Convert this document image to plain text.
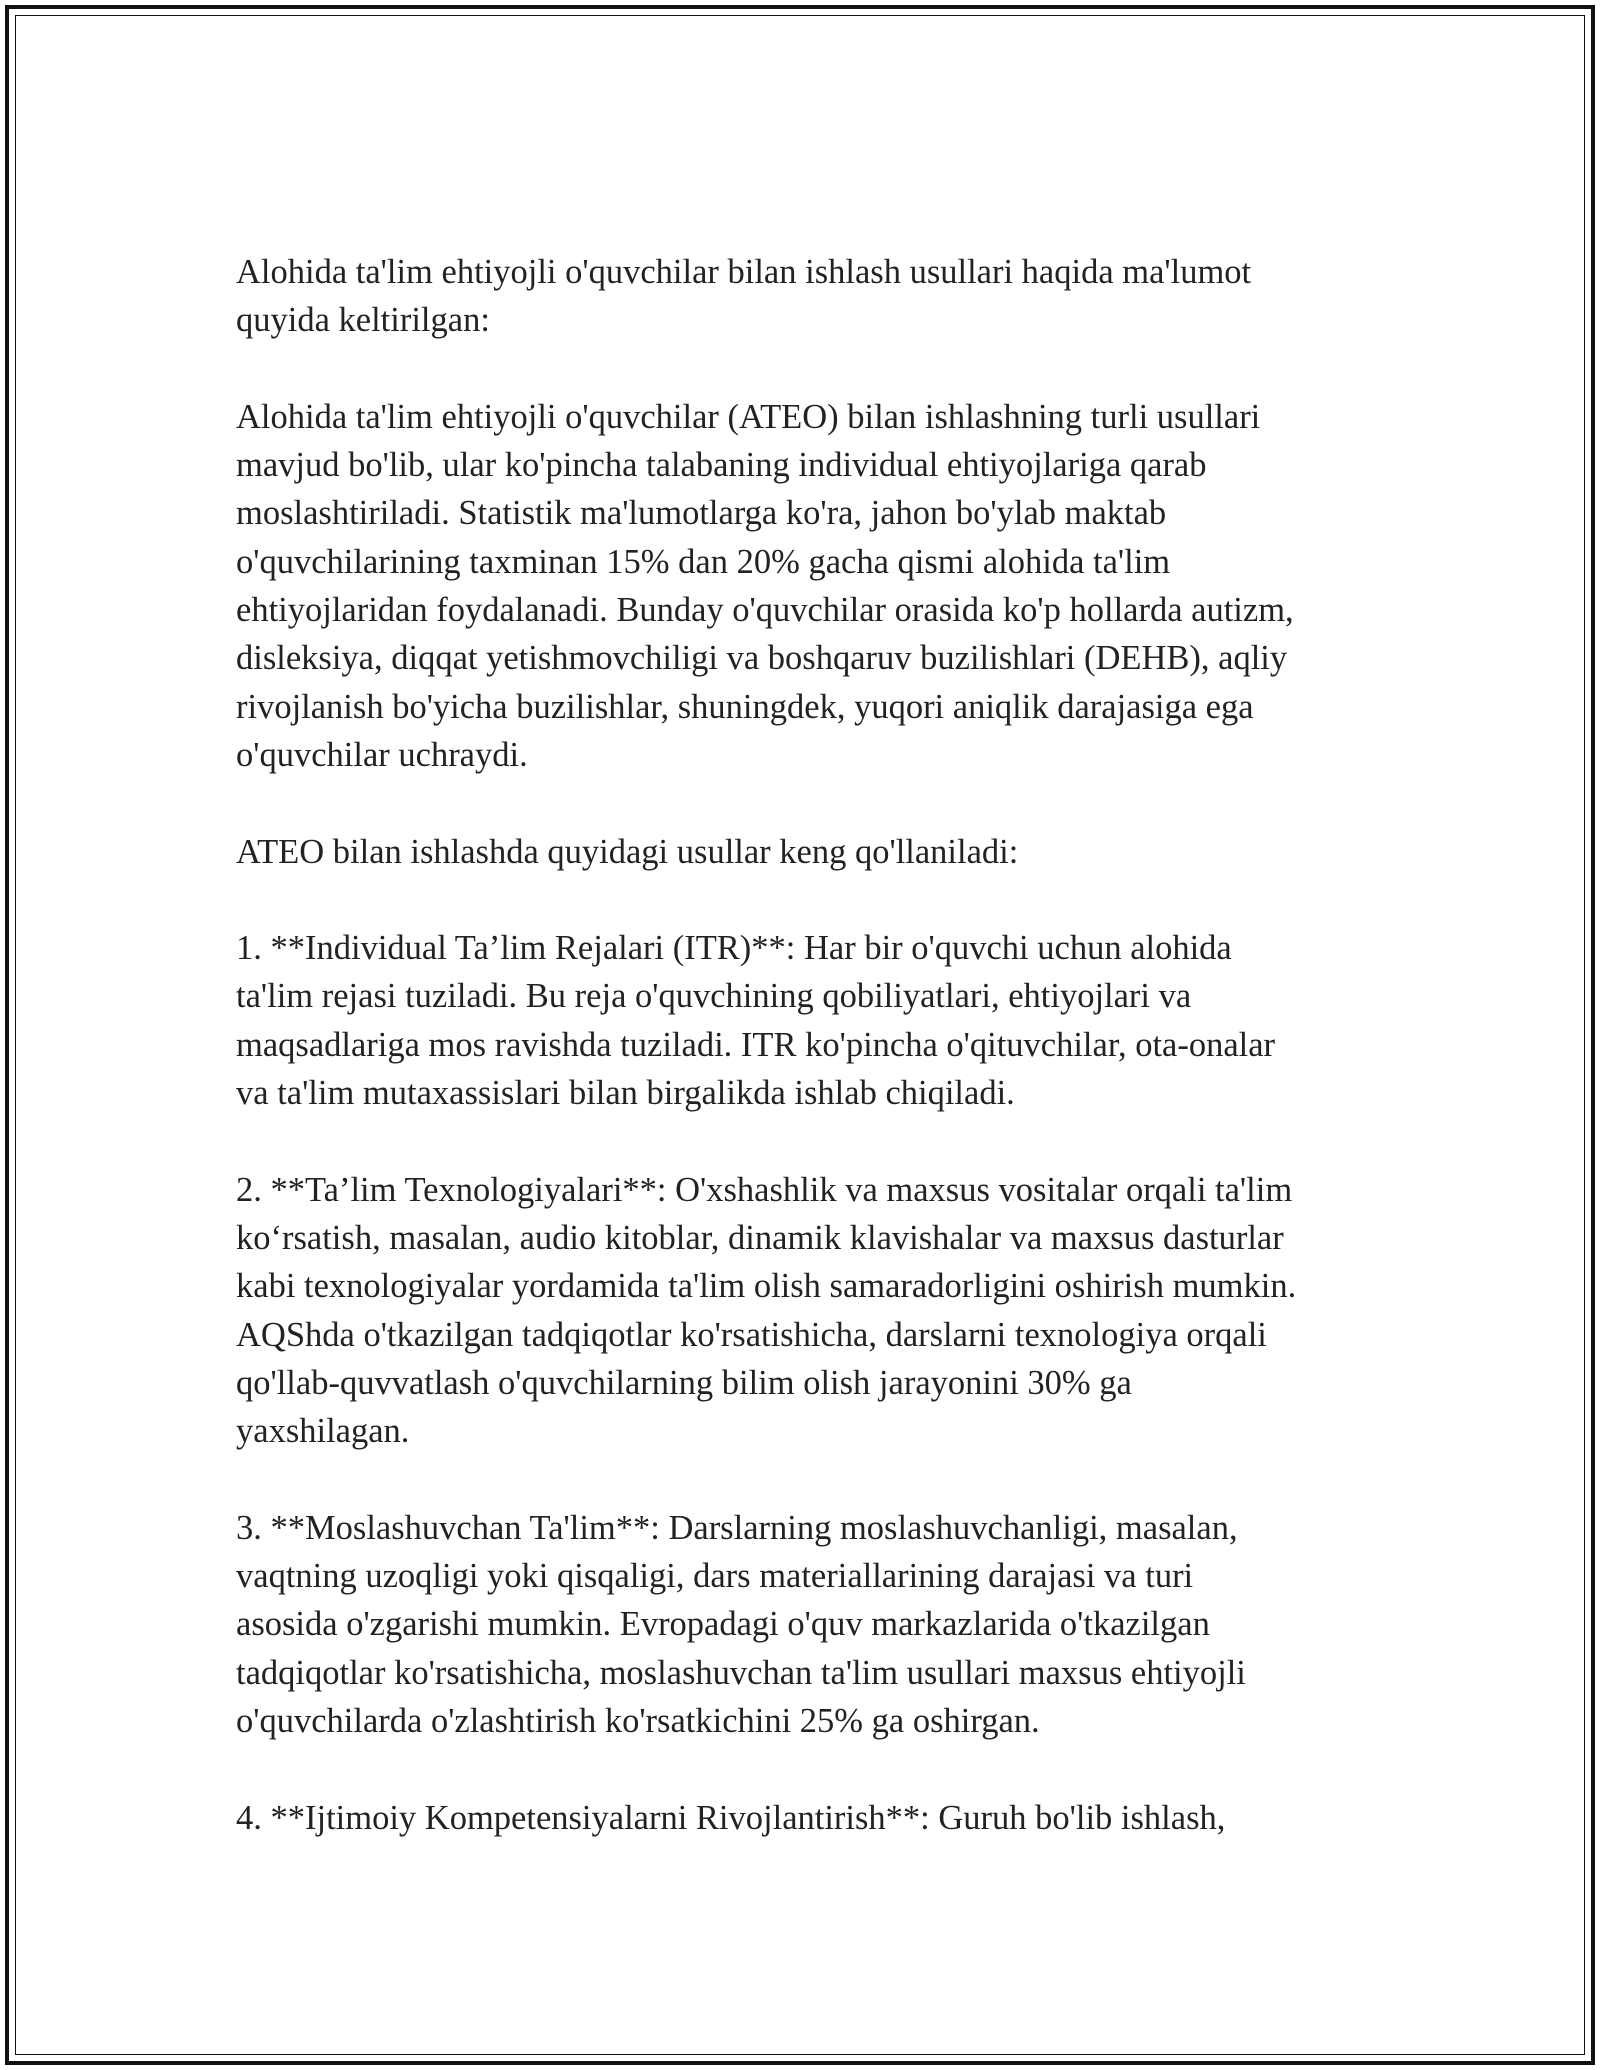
Alohida ta'lim ehtiyojli o'quvchilar bilan ishlash usullari haqida ma'lumot
quyida keltirilgan:

Alohida ta'lim ehtiyojli o'quvchilar (ATEO) bilan ishlashning turli usullari
mavjud bo'lib, ular ko'pincha talabaning individual ehtiyojlariga qarab
moslashtiriladi. Statistik ma'lumotlarga ko'ra, jahon bo'ylab maktab
o'quvchilarining taxminan 15% dan 20% gacha qismi alohida ta'lim
ehtiyojlaridan foydalanadi. Bunday o'quvchilar orasida ko'p hollarda autizm,
disleksiya, diqqat yetishmovchiligi va boshqaruv buzilishlari (DEHB), aqliy
rivojlanish bo'yicha buzilishlar, shuningdek, yuqori aniqlik darajasiga ega
o'quvchilar uchraydi.

ATEO bilan ishlashda quyidagi usullar keng qo'llaniladi:

1. **Individual Ta’lim Rejalari (ITR)**: Har bir o'quvchi uchun alohida
ta'lim rejasi tuziladi. Bu reja o'quvchining qobiliyatlari, ehtiyojlari va
maqsadlariga mos ravishda tuziladi. ITR ko'pincha o'qituvchilar, ota-onalar
va ta'lim mutaxassislari bilan birgalikda ishlab chiqiladi.

2. **Ta’lim Texnologiyalari**: O'xshashlik va maxsus vositalar orqali ta'lim
ko‘rsatish, masalan, audio kitoblar, dinamik klavishalar va maxsus dasturlar
kabi texnologiyalar yordamida ta'lim olish samaradorligini oshirish mumkin.
AQShda o'tkazilgan tadqiqotlar ko'rsatishicha, darslarni texnologiya orqali
qo'llab-quvvatlash o'quvchilarning bilim olish jarayonini 30% ga
yaxshilagan.

3. **Moslashuvchan Ta'lim**: Darslarning moslashuvchanligi, masalan,
vaqtning uzoqligi yoki qisqaligi, dars materiallarining darajasi va turi
asosida o'zgarishi mumkin. Evropadagi o'quv markazlarida o'tkazilgan
tadqiqotlar ko'rsatishicha, moslashuvchan ta'lim usullari maxsus ehtiyojli
o'quvchilarda o'zlashtirish ko'rsatkichini 25% ga oshirgan.

4. **Ijtimoiy Kompetensiyalarni Rivojlantirish**: Guruh bo'lib ishlash,
